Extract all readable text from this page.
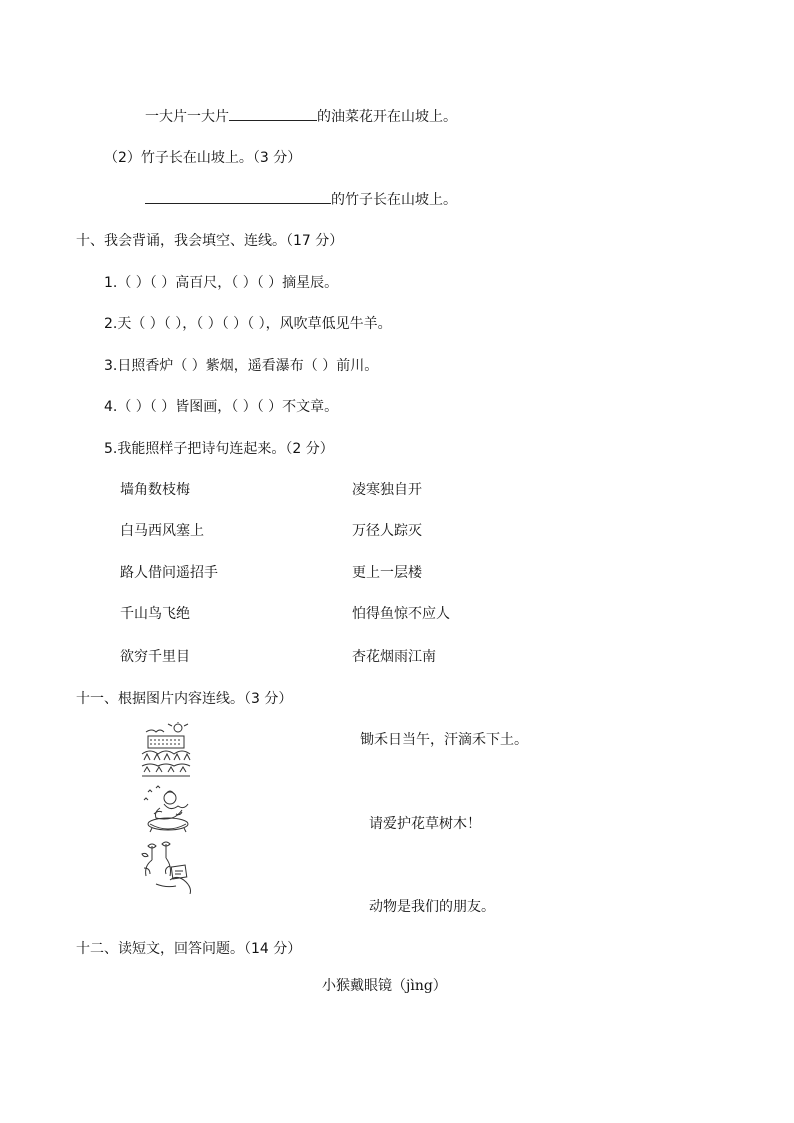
一大片一大片	的油菜花开在山坡上。
（2）竹子长在山坡上。（3 分）
的竹子长在山坡上。
十、我会背诵，我会填空、连线。（17 分）
1.（ ）（ ）高百尺，（ ）（ ）摘星辰。
2.天（ ）（ ），（ ）（ ）（ ），风吹草低见牛羊。
3.日照香炉（ ）紫烟，遥看瀑布（ ）前川。
4.（ ）（ ）皆图画，（ ）（ ）不文章。
5.我能照样子把诗句连起来。（2 分）
墙角数枝梅
白马西风塞上
路人借问遥招手
千山鸟飞绝
欲穷千里目
凌寒独自开
万径人踪灭
更上一层楼
怕得鱼惊不应人
杏花烟雨江南
十一、根据图片内容连线。（3 分）
锄禾日当午，汗滴禾下土。
请爱护花草树木！
动物是我们的朋友。
十二、读短文，回答问题。（14 分）
小猴戴眼镜（jìng）
